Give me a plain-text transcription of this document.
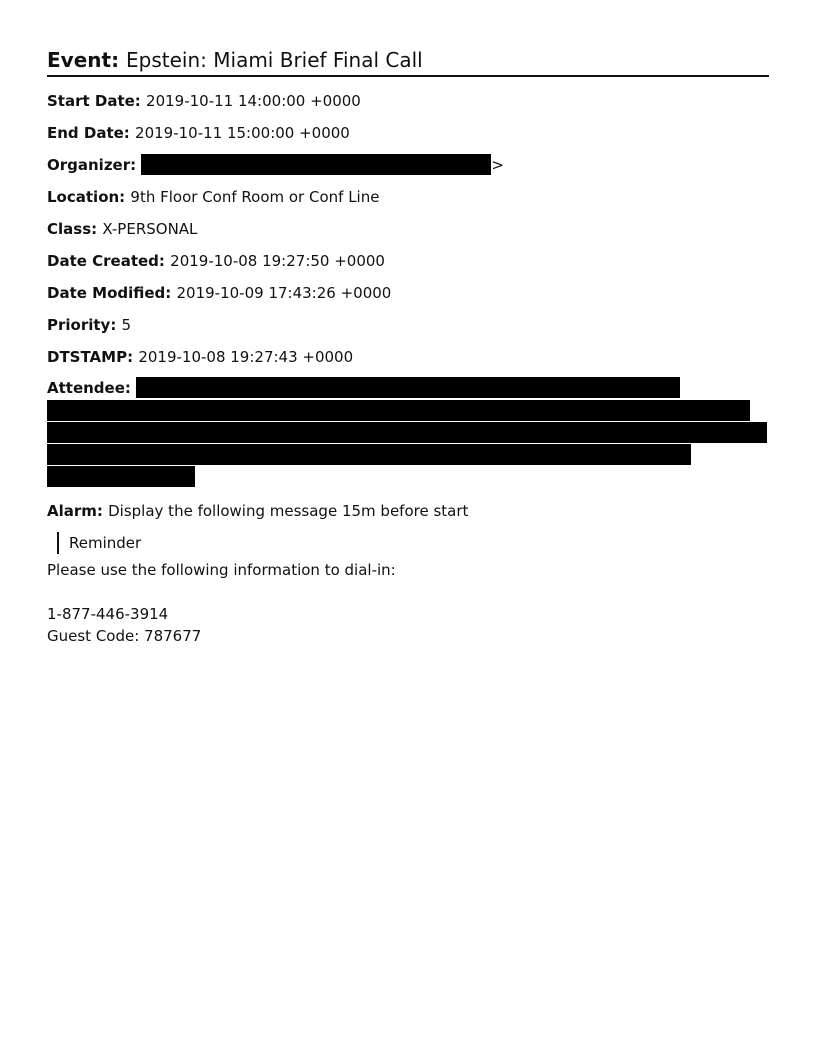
Event: Epstein: Miami Brief Final Call
Start Date: 2019-10-11 14:00:00 +0000
End Date: 2019-10-11 15:00:00 +0000
Organizer:	>
Location: 9th Floor Conf Room or Conf Line
Class: X-PERSONAL
Date Created: 2019-10-08 19:27:50 +0000
Date Modified: 2019-10-09 17:43:26 +0000
Priority: 5
DTSTAMP: 2019-10-08 19:27:43 +0000
Attendee:
Alarm: Display the following message 15m before start
Reminder
Please use the following information to dial-in:
1-877-446-3914
Guest Code: 787677
